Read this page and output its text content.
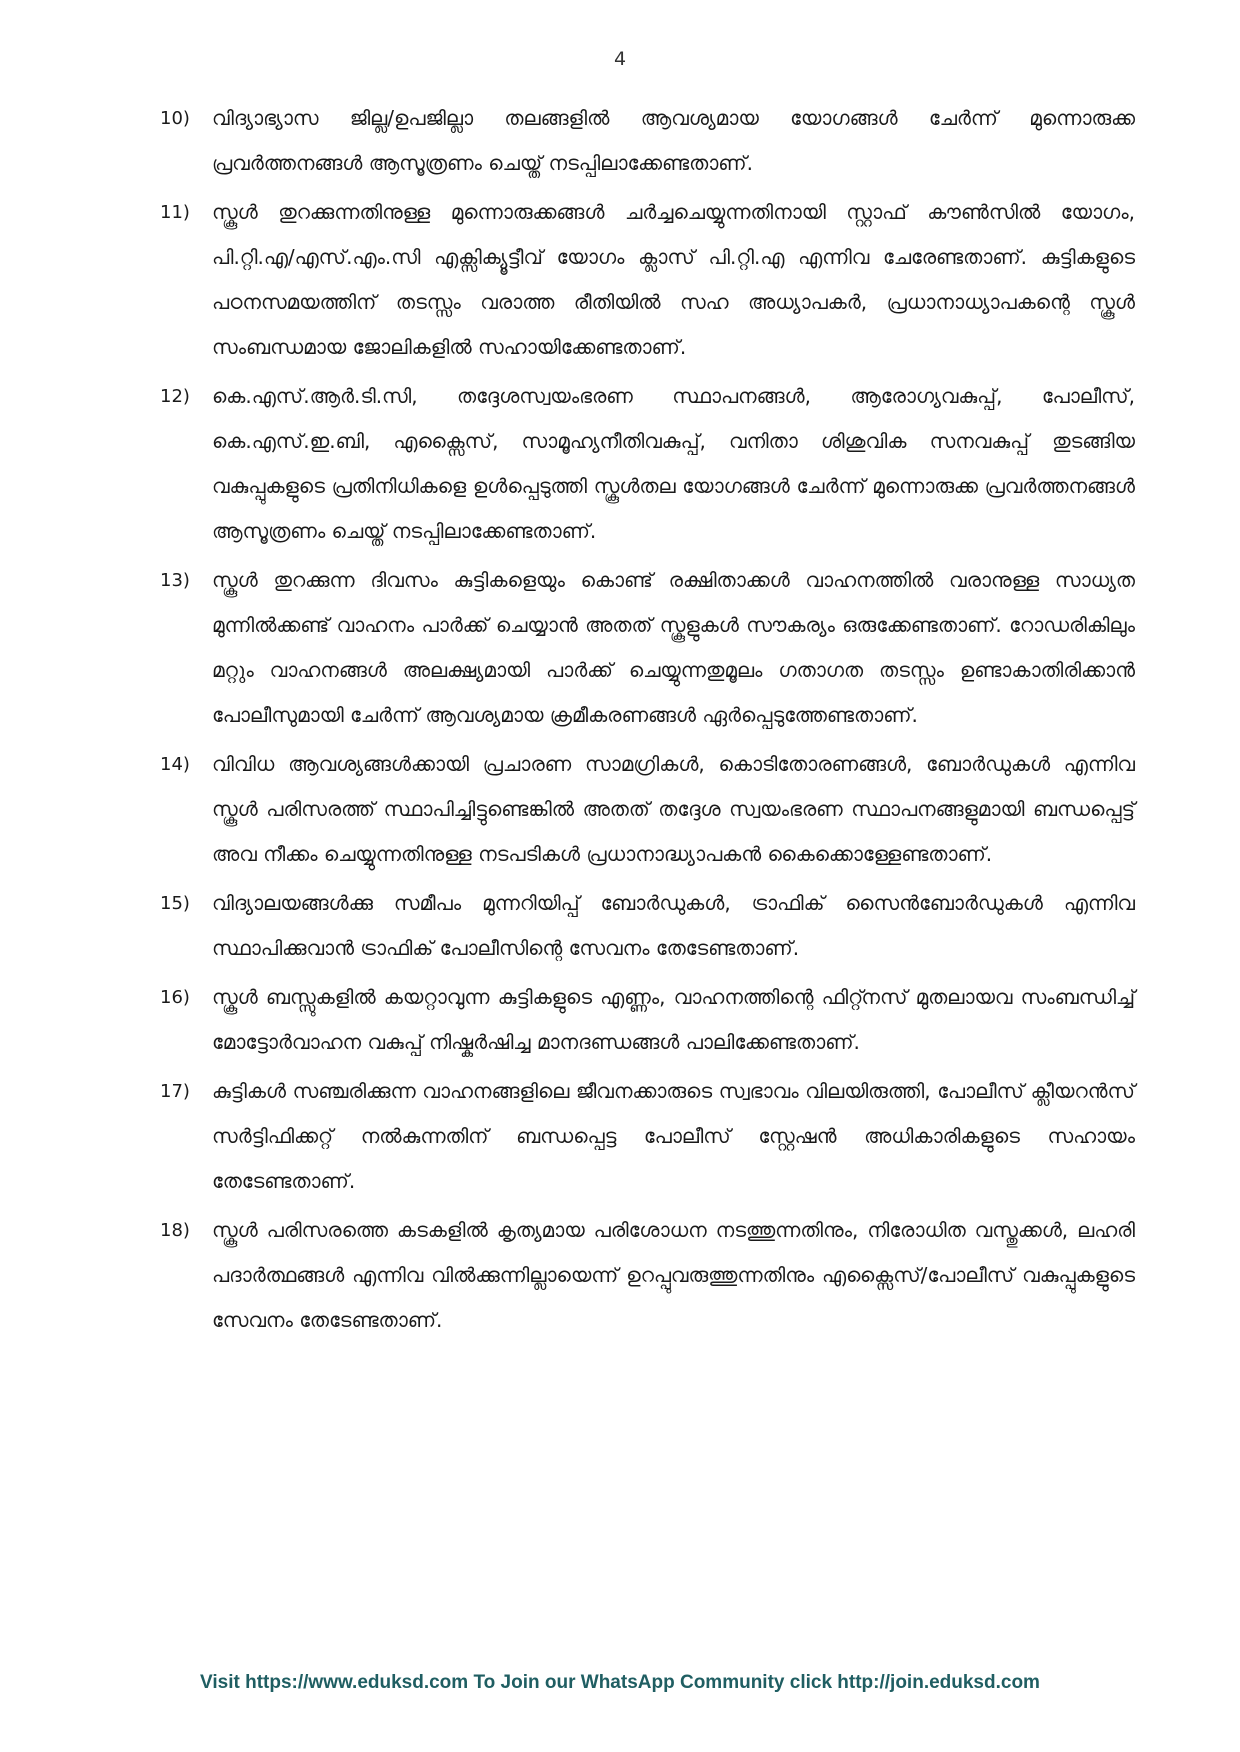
4
10)	വിദ്യാഭ്യാസ ജില്ല/ഉപജില്ലാ തലങ്ങളിൽ ആവശ്യമായ യോഗങ്ങൾ ചേർന്ന് മുന്നൊരുക്ക പ്രവർത്തനങ്ങൾ ആസൂത്രണം ചെയ്ത് നടപ്പിലാക്കേണ്ടതാണ്.
11)	സ്കൂൾ തുറക്കുന്നതിനുള്ള മുന്നൊരുക്കങ്ങൾ ചർച്ചചെയ്യുന്നതിനായി സ്റ്റാഫ് കൗൺസിൽ യോഗം, പി.റ്റി.എ/എസ്.എം.സി എക്സിക്യൂട്ടീവ് യോഗം ക്ലാസ് പി.റ്റി.എ എന്നിവ ചേരേണ്ടതാണ്. കുട്ടികളുടെ പഠനസമയത്തിന് തടസ്സം വരാത്ത രീതിയിൽ സഹ അധ്യാപകർ, പ്രധാനാധ്യാപകന്റെ സ്കൂൾ സംബന്ധമായ ജോലികളിൽ സഹായിക്കേണ്ടതാണ്.
12)	കെ.എസ്.ആർ.ടി.സി, തദ്ദേശസ്വയംഭരണ സ്ഥാപനങ്ങൾ, ആരോഗ്യവകുപ്പ്, പോലീസ്, കെ.എസ്.ഇ.ബി, എക്സൈസ്, സാമൂഹ്യനീതിവകുപ്പ്, വനിതാ ശിശുവിക സനവകുപ്പ് തുടങ്ങിയ വകുപ്പുകളുടെ പ്രതിനിധികളെ ഉൾപ്പെടുത്തി സ്കൂൾതല യോഗങ്ങൾ ചേർന്ന് മുന്നൊരുക്ക പ്രവർത്തനങ്ങൾ ആസൂത്രണം ചെയ്ത് നടപ്പിലാക്കേണ്ടതാണ്.
13)	സ്കൂൾ തുറക്കുന്ന ദിവസം കുട്ടികളെയും കൊണ്ട് രക്ഷിതാക്കൾ വാഹനത്തിൽ വരാനുള്ള സാധ്യത മുന്നിൽക്കണ്ട് വാഹനം പാർക്ക് ചെയ്യാൻ അതത് സ്കൂളുകൾ സൗകര്യം ഒരുക്കേണ്ടതാണ്. റോഡരികിലും മറ്റും വാഹനങ്ങൾ അലക്ഷ്യമായി പാർക്ക് ചെയ്യുന്നതുമൂലം ഗതാഗത തടസ്സം ഉണ്ടാകാതിരിക്കാൻ പോലീസുമായി ചേർന്ന് ആവശ്യമായ ക്രമീകരണങ്ങൾ ഏർപ്പെടുത്തേണ്ടതാണ്.
14)	വിവിധ ആവശ്യങ്ങൾക്കായി പ്രചാരണ സാമഗ്രികൾ, കൊടിതോരണങ്ങൾ, ബോർഡുകൾ എന്നിവ സ്കൂൾ പരിസരത്ത് സ്ഥാപിച്ചിട്ടുണ്ടെങ്കിൽ അതത് തദ്ദേശ സ്വയംഭരണ സ്ഥാപനങ്ങളുമായി ബന്ധപ്പെട്ട് അവ നീക്കം ചെയ്യുന്നതിനുള്ള നടപടികൾ പ്രധാനാദ്ധ്യാപകൻ കൈക്കൊള്ളേണ്ടതാണ്.
15)	വിദ്യാലയങ്ങൾക്കു സമീപം മുന്നറിയിപ്പ് ബോർഡുകൾ, ട്രാഫിക് സൈൻബോർഡുകൾ എന്നിവ സ്ഥാപിക്കുവാൻ ട്രാഫിക് പോലീസിന്റെ സേവനം തേടേണ്ടതാണ്.
16)	സ്കൂൾ ബസ്സുകളിൽ കയറ്റാവുന്ന കുട്ടികളുടെ എണ്ണം, വാഹനത്തിന്റെ ഫിറ്റ്നസ് മുതലായവ സംബന്ധിച്ച് മോട്ടോർവാഹന വകുപ്പ് നിഷ്കർഷിച്ച മാനദണ്ഡങ്ങൾ പാലിക്കേണ്ടതാണ്.
17)	കുട്ടികൾ സഞ്ചരിക്കുന്ന വാഹനങ്ങളിലെ ജീവനക്കാരുടെ സ്വഭാവം വിലയിരുത്തി, പോലീസ് ക്ലീയറൻസ് സർട്ടിഫിക്കറ്റ് നൽകുന്നതിന് ബന്ധപ്പെട്ട പോലീസ് സ്റ്റേഷൻ അധികാരികളുടെ സഹായം തേടേണ്ടതാണ്.
18)	സ്കൂൾ പരിസരത്തെ കടകളിൽ കൃത്യമായ പരിശോധന നടത്തുന്നതിനും, നിരോധിത വസ്തുക്കൾ, ലഹരി പദാർത്ഥങ്ങൾ എന്നിവ വിൽക്കുന്നില്ലായെന്ന് ഉറപ്പുവരുത്തുന്നതിനും എക്സൈസ്/പോലീസ് വകുപ്പുകളുടെ സേവനം തേടേണ്ടതാണ്.
Visit https://www.eduksd.com To Join our WhatsApp Community click http://join.eduksd.com
